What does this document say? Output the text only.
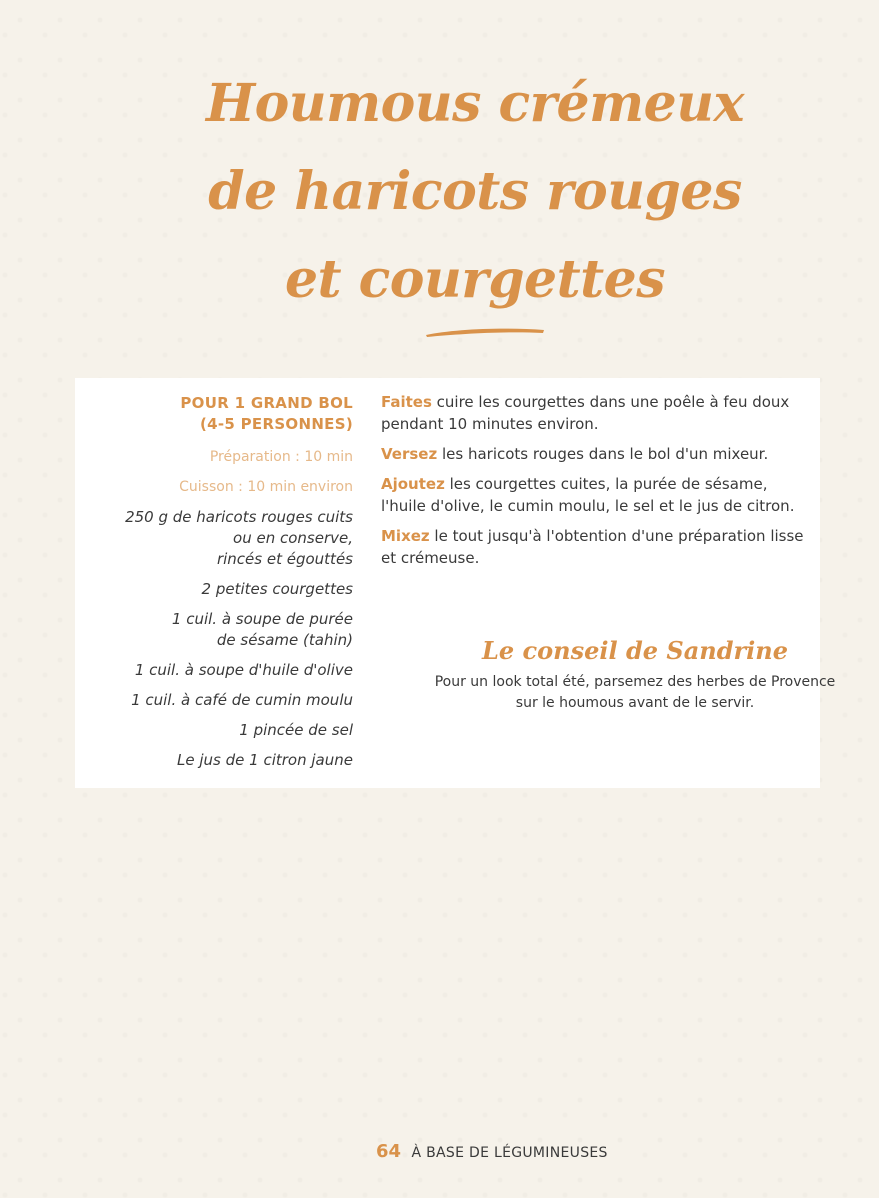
Houmous crémeux
de haricots rouges
et courgettes
POUR 1 GRAND BOL
(4-5 PERSONNES)
Préparation : 10 min
Cuisson : 10 min environ
250 g de haricots rouges cuits
ou en conserve,
rincés et égouttés
2 petites courgettes
1 cuil. à soupe de purée
de sésame (tahin)
1 cuil. à soupe d'huile d'olive
1 cuil. à café de cumin moulu
1 pincée de sel
Le jus de 1 citron jaune

Faites cuire les courgettes dans une poêle à feu doux pendant 10 minutes environ.

Versez les haricots rouges dans le bol d'un mixeur.

Ajoutez les courgettes cuites, la purée de sésame, l'huile d'olive, le cumin moulu, le sel et le jus de citron.

Mixez le tout jusqu'à l'obtention d'une préparation lisse et crémeuse.

Le conseil de Sandrine

Pour un look total été, parsemez des herbes de Provence
sur le houmous avant de le servir.

64 À BASE DE LÉGUMINEUSES
